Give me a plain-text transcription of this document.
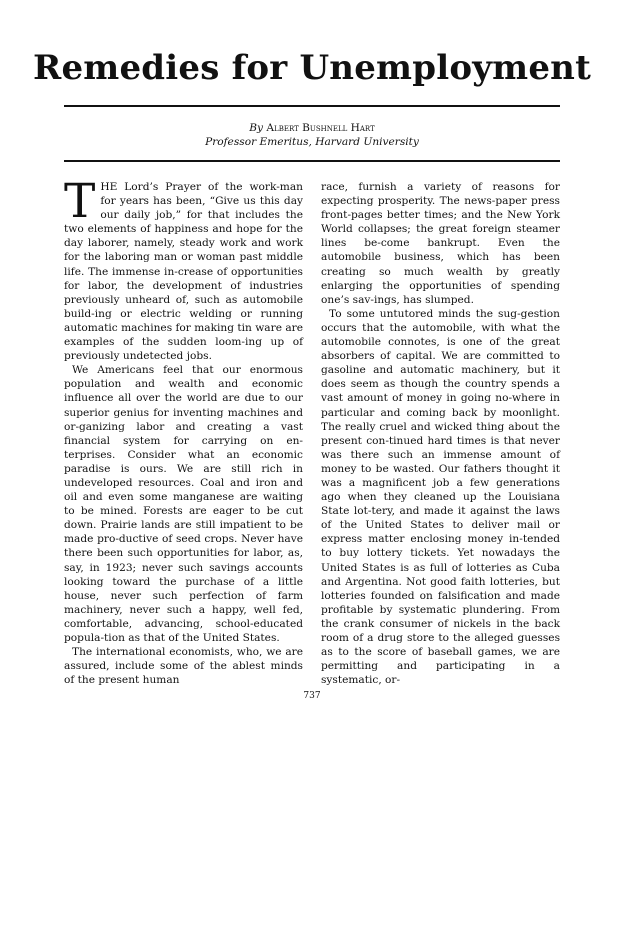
Remedies for Unemployment
By Albert Bushnell Hart
Professor Emeritus, Harvard University

T HE Lord’s Prayer of the work-man for years has been, “Give us this day our daily job,” for that includes the two elements of happiness and hope for the day laborer, namely, steady work and work for the laboring man or woman past middle life. The immense in-crease of opportunities for labor, the development of industries previously unheard of, such as automobile build-ing or electric welding or running automatic machines for making tin ware are examples of the sudden loom-ing up of previously undetected jobs.

We Americans feel that our enormous population and wealth and economic influence all over the world are due to our superior genius for inventing machines and or-ganizing labor and creating a vast financial system for carrying on en-terprises. Consider what an economic paradise is ours. We are still rich in undeveloped resources. Coal and iron and oil and even some manganese are waiting to be mined. Forests are eager to be cut down. Prairie lands are still impatient to be made pro-ductive of seed crops. Never have there been such opportunities for labor, as, say, in 1923; never such savings accounts looking toward the purchase of a little house, never such perfection of farm machinery, never such a happy, well fed, comfortable, advancing, school-educated popula-tion as that of the United States.

The international economists, who, we are assured, include some of the ablest minds of the present human

race, furnish a variety of reasons for expecting prosperity. The news-paper press front-pages better times; and the New York World collapses; the great foreign steamer lines be-come bankrupt. Even the automobile business, which has been creating so much wealth by greatly enlarging the opportunities of spending one’s sav-ings, has slumped.

To some untutored minds the sug-gestion occurs that the automobile, with what the automobile connotes, is one of the great absorbers of capital. We are committed to gasoline and automatic machinery, but it does seem as though the country spends a vast amount of money in going no-where in particular and coming back by moonlight. The really cruel and wicked thing about the present con-tinued hard times is that never was there such an immense amount of money to be wasted. Our fathers thought it was a magnificent job a few generations ago when they cleaned up the Louisiana State lot-tery, and made it against the laws of the United States to deliver mail or express matter enclosing money in-tended to buy lottery tickets. Yet nowadays the United States is as full of lotteries as Cuba and Argentina. Not good faith lotteries, but lotteries founded on falsification and made profitable by systematic plundering. From the crank consumer of nickels in the back room of a drug store to the alleged guesses as to the score of baseball games, we are permitting and participating in a systematic, or-

737
